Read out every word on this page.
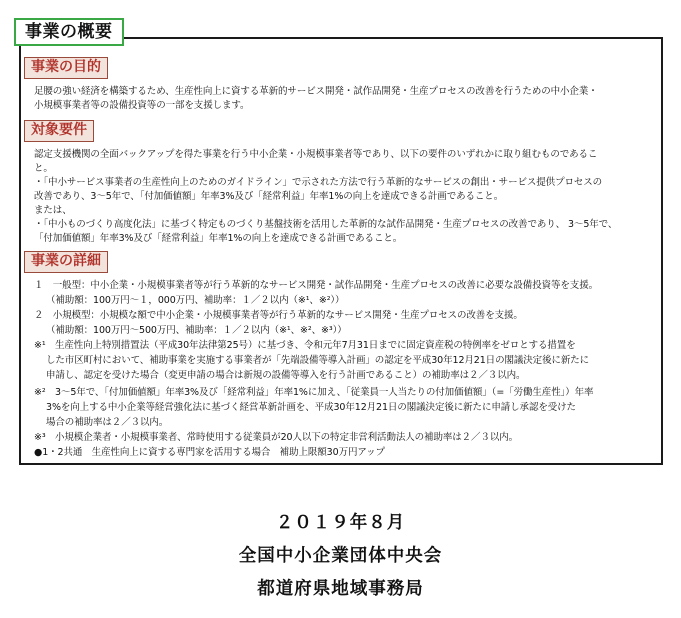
事業の概要
事業の目的
足腰の強い経済を構築するため、生産性向上に資する革新的サービス開発・試作品開発・生産プロセスの改善を行うための中小企業・
小規模事業者等の設備投資等の一部を支援します。
対象要件
認定支援機関の全面バックアップを得た事業を行う中小企業・小規模事業者等であり、以下の要件のいずれかに取り組むものであるこ
と。
・「中小サービス事業者の生産性向上のためのガイドライン」で示された方法で行う革新的なサービスの創出・サービス提供プロセスの
改善であり、3～5年で、「付加価値額」年率3%及び「経常利益」年率1%の向上を達成できる計画であること。
または、
・「中小ものづくり高度化法」に基づく特定ものづくり基盤技術を活用した革新的な試作品開発・生産プロセスの改善であり、 3～5年で、
「付加価値額」年率3%及び「経常利益」年率1%の向上を達成できる計画であること。
事業の詳細
１　一般型：中小企業・小規模事業者等が行う革新的なサービス開発・試作品開発・生産プロセスの改善に必要な設備投資等を支援。
（補助額：100万円～１，000万円、補助率：１／２以内（※¹、※²））
２　小規模型：小規模な額で中小企業・小規模事業者等が行う革新的なサービス開発・生産プロセスの改善を支援。
（補助額：100万円～500万円、補助率：１／２以内（※¹、※²、※³））
※¹　生産性向上特別措置法（平成30年法律第25号）に基づき、令和元年7月31日までに固定資産税の特例率をゼロとする措置を
した市区町村において、補助事業を実施する事業者が「先端設備等導入計画」の認定を平成30年12月21日の閣議決定後に新たに
申請し、認定を受けた場合（変更申請の場合は新規の設備等導入を行う計画であること）の補助率は２／３以内。
※²　3～5年で、「付加価値額」年率3%及び「経常利益」年率1%に加え、「従業員一人当たりの付加価値額」（=「労働生産性」）年率
3%を向上する中小企業等経営強化法に基づく経営革新計画を、平成30年12月21日の閣議決定後に新たに申請し承認を受けた
場合の補助率は２／３以内。
※³　小規模企業者・小規模事業者、常時使用する従業員が20人以下の特定非営利活動法人の補助率は２／３以内。
●1・2共通　生産性向上に資する専門家を活用する場合　補助上限額30万円アップ
２０１９年８月
全国中小企業団体中央会
都道府県地域事務局
